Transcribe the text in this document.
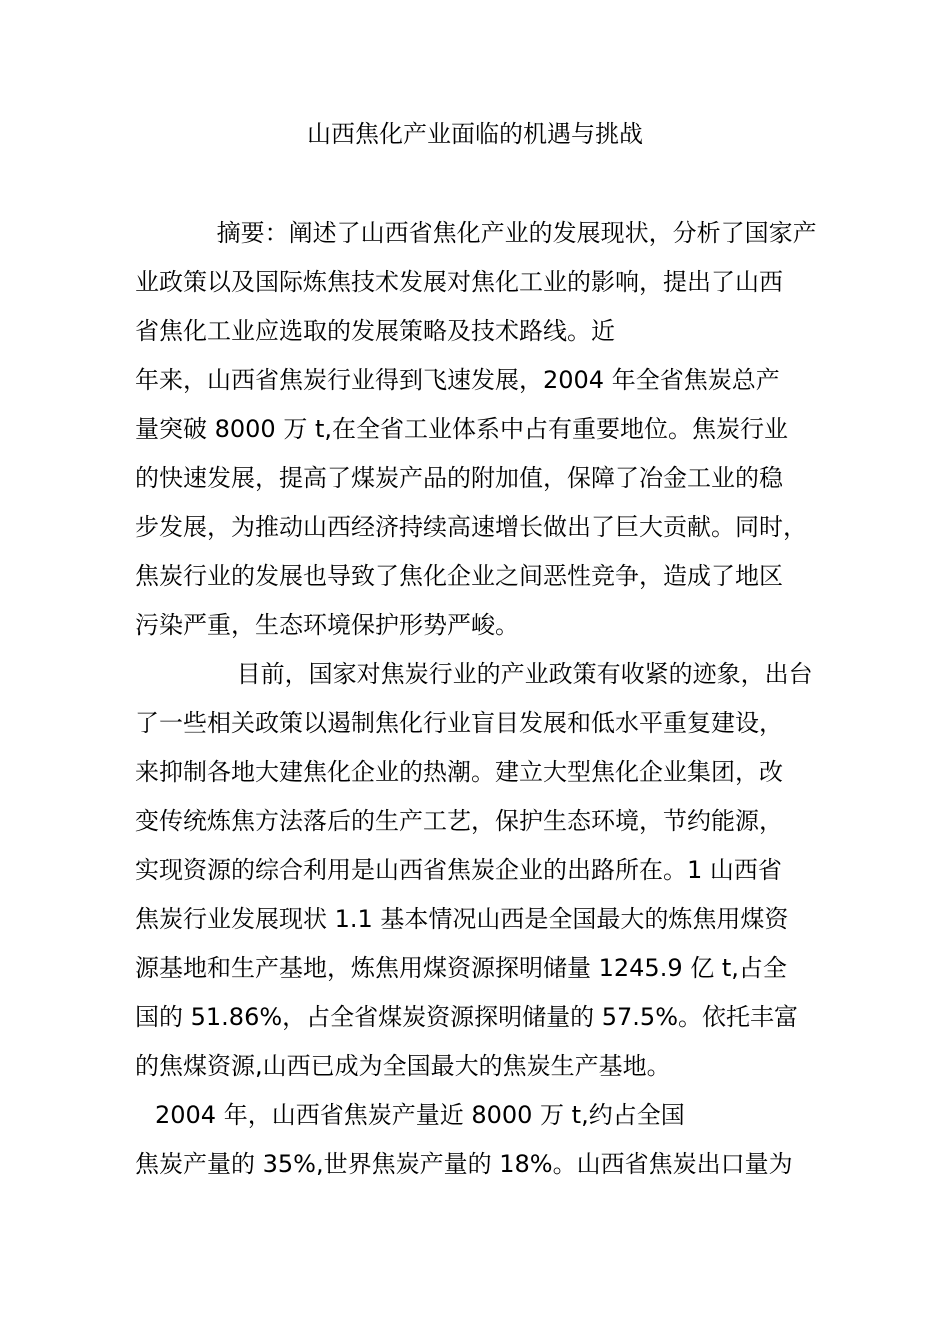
山西焦化产业面临的机遇与挑战
　 摘要：阐述了山西省焦化产业的发展现状，分析了国家产
业政策以及国际炼焦技术发展对焦化工业的影响，提出了山西
省焦化工业应选取的发展策略及技术路线。近
年来，山西省焦炭行业得到飞速发展，2004 年全省焦炭总产
量突破 8000 万 t,在全省工业体系中占有重要地位。焦炭行业
的快速发展，提高了煤炭产品的附加值，保障了冶金工业的稳
步发展，为推动山西经济持续高速增长做出了巨大贡献。同时，
焦炭行业的发展也导致了焦化企业之间恶性竞争，造成了地区
污染严重，生态环境保护形势严峻。
　 目前，国家对焦炭行业的产业政策有收紧的迹象，出台
了一些相关政策以遏制焦化行业盲目发展和低水平重复建设，
来抑制各地大建焦化企业的热潮。建立大型焦化企业集团，改
变传统炼焦方法落后的生产工艺，保护生态环境，节约能源，
实现资源的综合利用是山西省焦炭企业的出路所在。1 山西省
焦炭行业发展现状 1.1 基本情况山西是全国最大的炼焦用煤资
源基地和生产基地，炼焦用煤资源探明储量 1245.9 亿 t,占全
国的 51.86%，占全省煤炭资源探明储量的 57.5%。依托丰富
的焦煤资源,山西已成为全国最大的焦炭生产基地。
2004 年，山西省焦炭产量近 8000 万 t,约占全国
焦炭产量的 35%,世界焦炭产量的 18%。山西省焦炭出口量为
